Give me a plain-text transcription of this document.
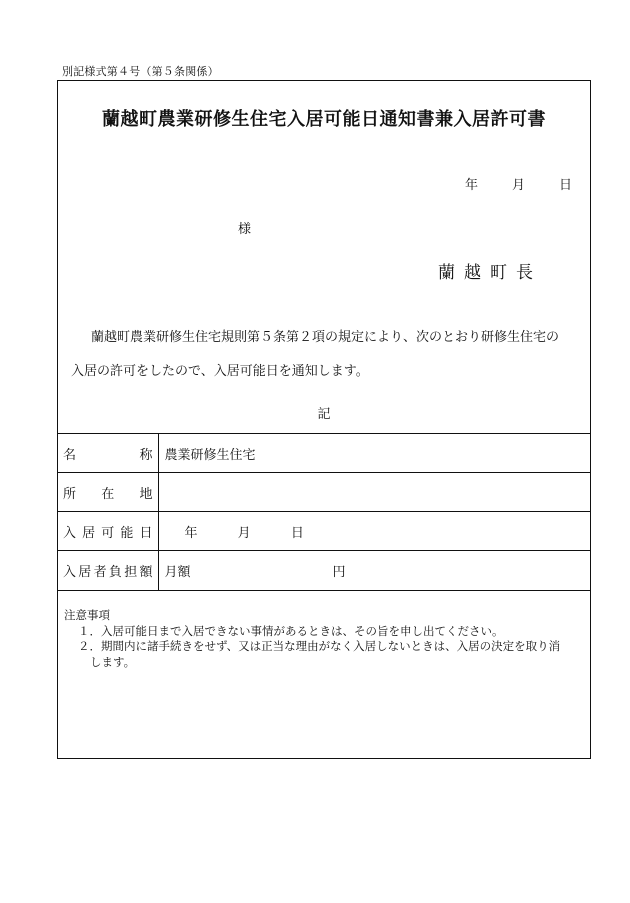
別記様式第４号（第５条関係）
蘭越町農業研修生住宅入居可能日通知書兼入居許可書
年	月	日
様
蘭越町長
蘭越町農業研修生住宅規則第５条第２項の規定により、次のとおり研修生住宅の
入居の許可をしたので、入居可能日を通知します。
記
名称	農業研修生住宅
所在地	
入居可能日	年 月 日
入居者負担額	月額 円
注意事項
１．入居可能日まで入居できない事情があるときは、その旨を申し出てください。
２．期間内に諸手続きをせず、又は正当な理由がなく入居しないときは、入居の決定を取り消
します。
